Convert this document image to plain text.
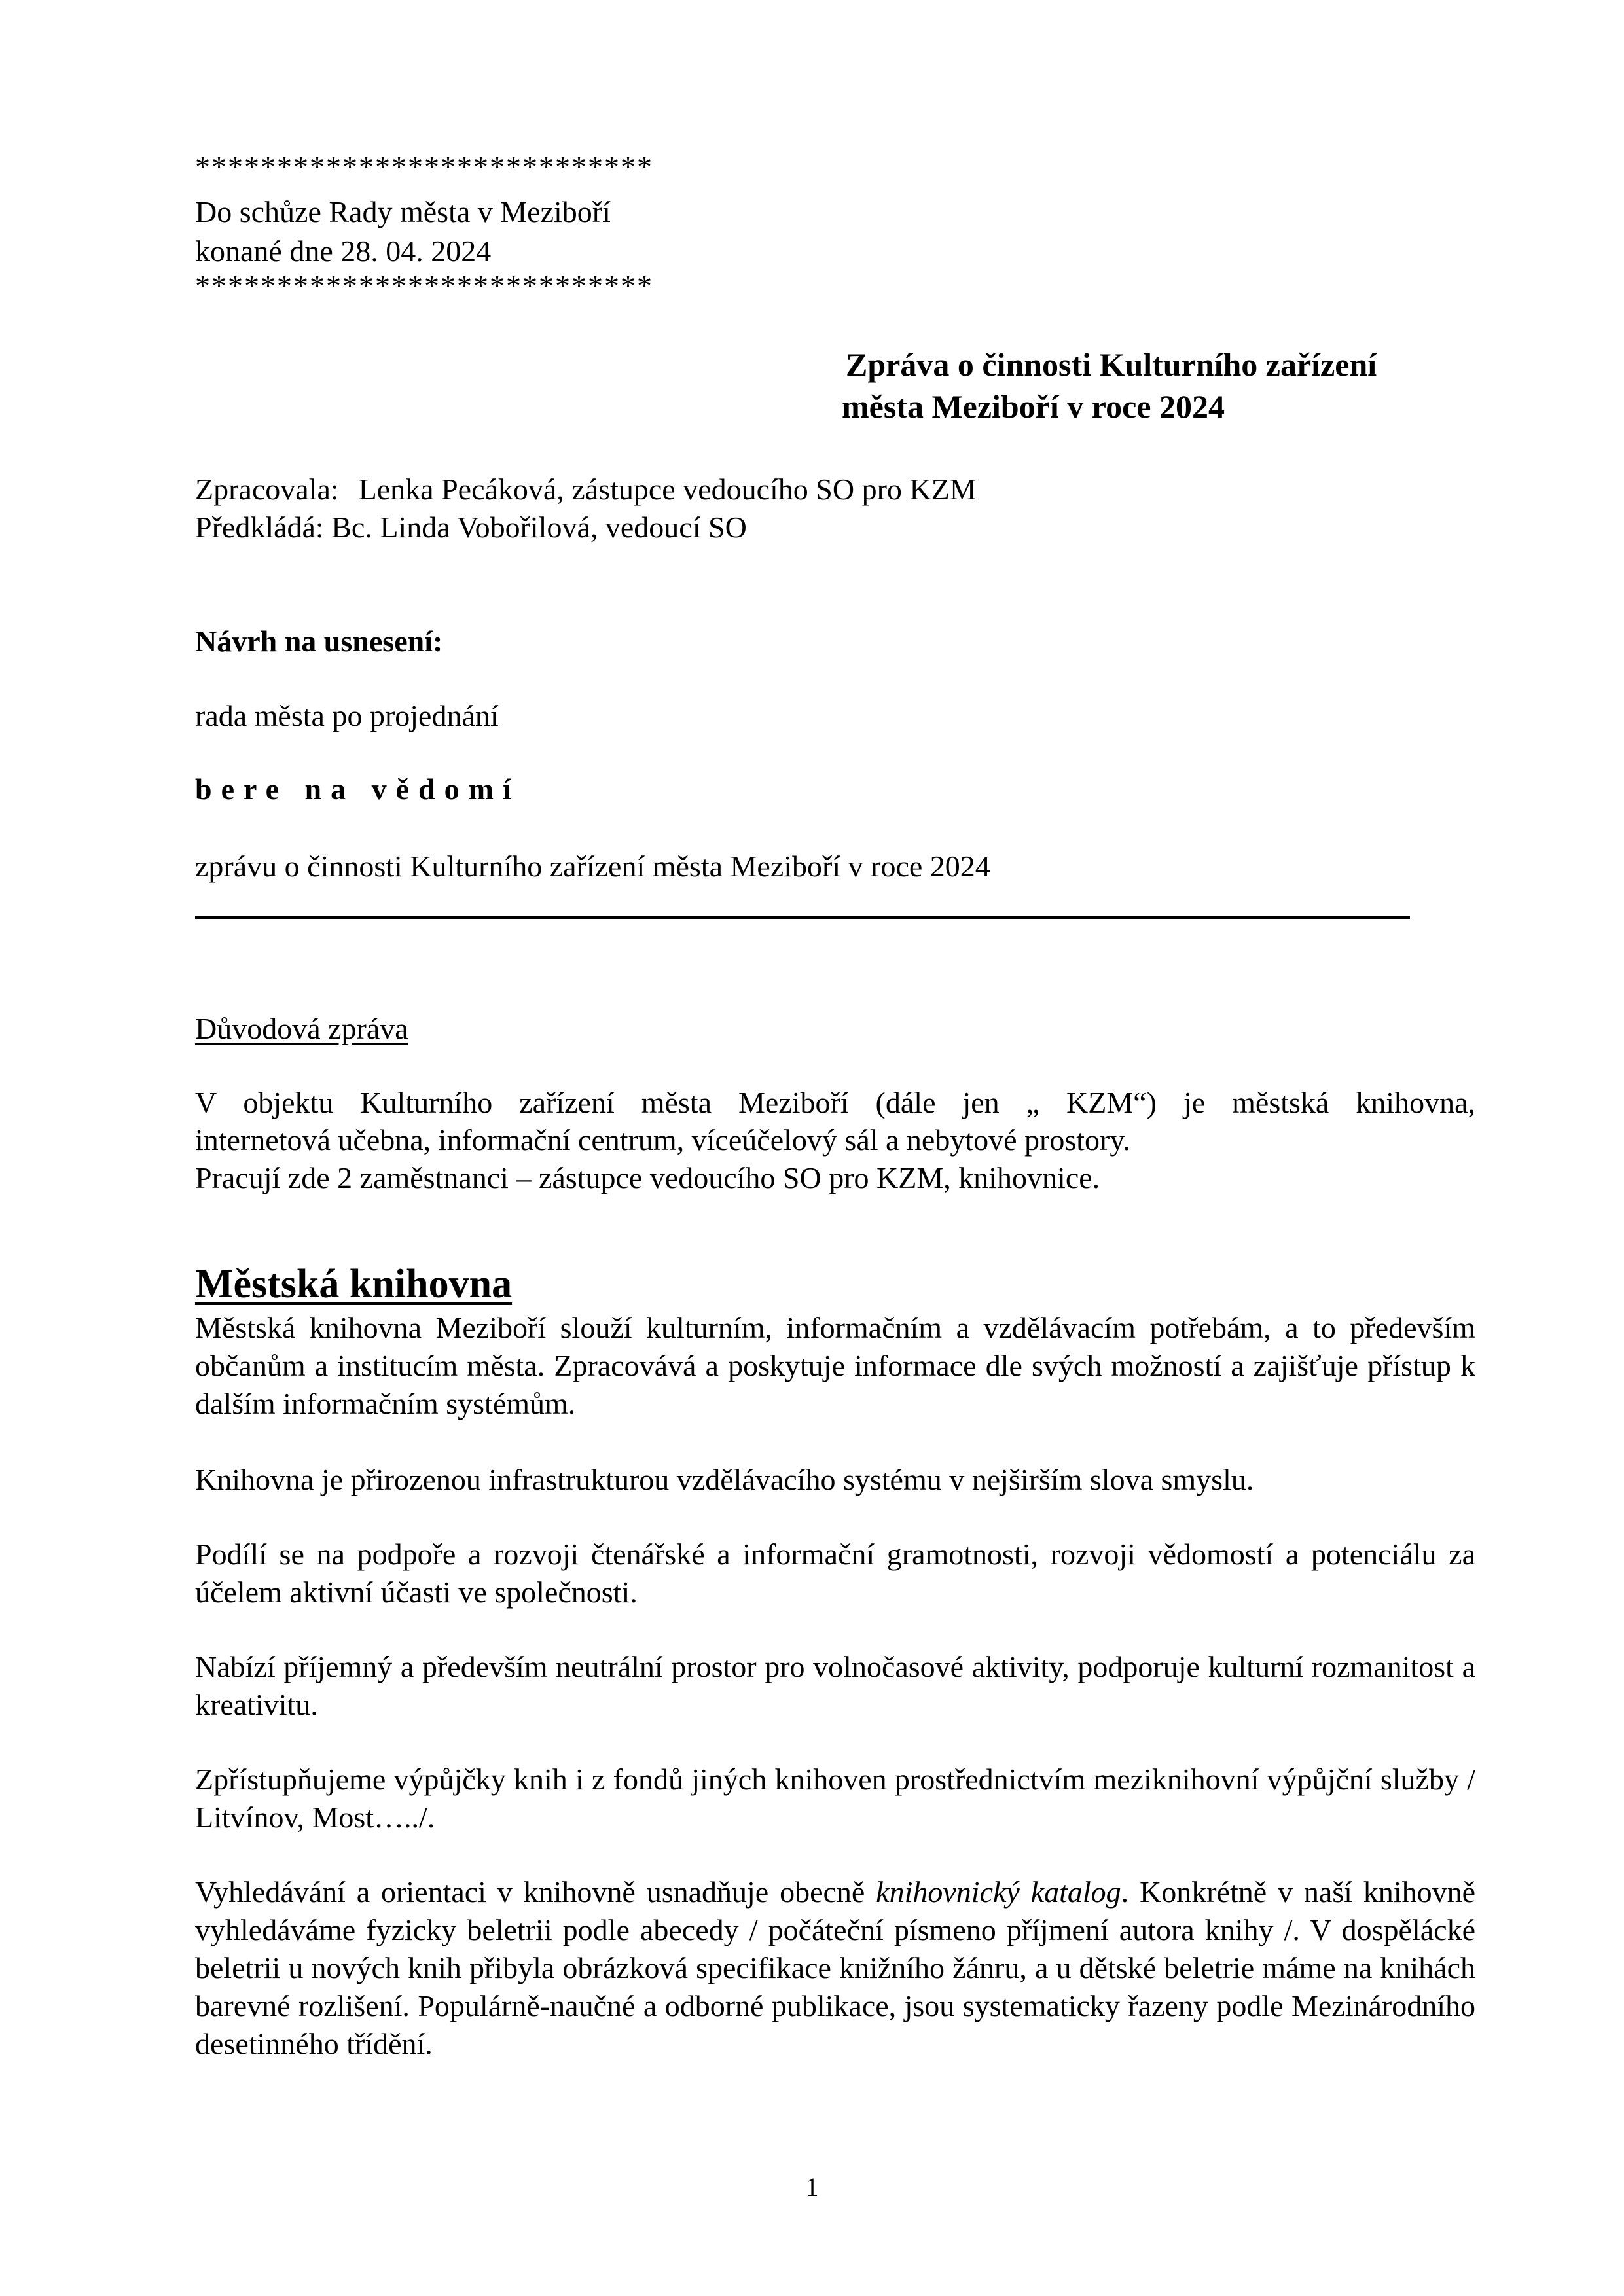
****************************
Do schůze Rady města v Meziboří
konané dne 28. 04. 2024
****************************
Zpráva o činnosti Kulturního zařízení
města Meziboří v roce 2024
Zpracovala: Lenka Pecáková, zástupce vedoucího SO pro KZM
Předkládá: Bc. Linda Vobořilová, vedoucí SO
Návrh na usnesení:
rada města po projednání
bere na vědomí
zprávu o činnosti Kulturního zařízení města Meziboří v roce 2024
Důvodová zpráva

V objektu Kulturního zařízení města Meziboří (dále jen „ KZM“) je městská knihovna,

internetová učebna, informační centrum, víceúčelový sál a nebytové prostory.
Pracují zde 2 zaměstnanci – zástupce vedoucího SO pro KZM, knihovnice.
Městská knihovna

Městská knihovna Meziboří slouží kulturním, informačním a vzdělávacím potřebám, a to především občanům a institucím města. Zpracovává a poskytuje informace dle svých možností a zajišťuje přístup k dalším informačním systémům.

Knihovna je přirozenou infrastrukturou vzdělávacího systému v nejširším slova smyslu.

Podílí se na podpoře a rozvoji čtenářské a informační gramotnosti, rozvoji vědomostí a potenciálu za účelem aktivní účasti ve společnosti.

Nabízí příjemný a především neutrální prostor pro volnočasové aktivity, podporuje kulturní rozmanitost a kreativitu.

Zpřístupňujeme výpůjčky knih i z fondů jiných knihoven prostřednictvím meziknihovní výpůjční služby / Litvínov, Most…../.

Vyhledávání a orientaci v knihovně usnadňuje obecně knihovnický katalog. Konkrétně v naší knihovně vyhledáváme fyzicky beletrii podle abecedy / počáteční písmeno příjmení autora knihy /. V dospělácké beletrii u nových knih přibyla obrázková specifikace knižního žánru, a u dětské beletrie máme na knihách barevné rozlišení. Populárně-naučné a odborné publikace, jsou systematicky řazeny podle Mezinárodního desetinného třídění.

1
